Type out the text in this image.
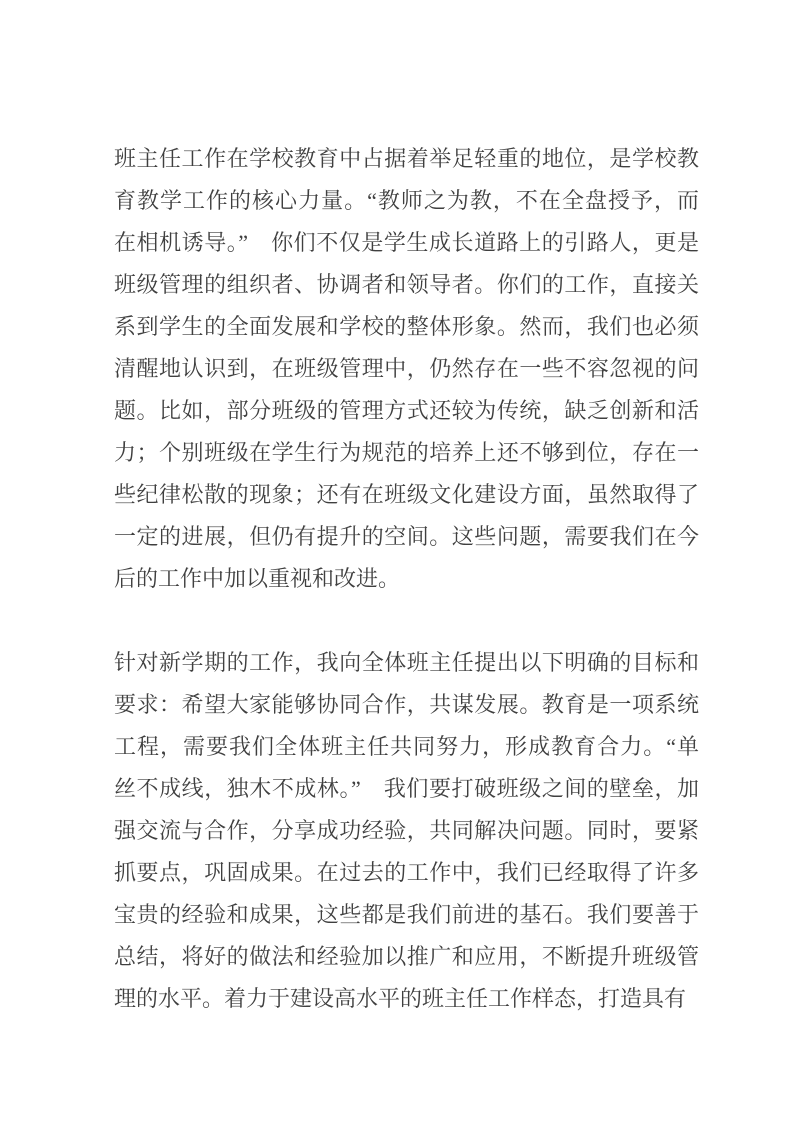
班主任工作在学校教育中占据着举足轻重的地位，是学校教
育教学工作的核心力量。“教师之为教，不在全盘授予，而
在相机诱导。”　你们不仅是学生成长道路上的引路人，更是
班级管理的组织者、协调者和领导者。你们的工作，直接关
系到学生的全面发展和学校的整体形象。然而，我们也必须
清醒地认识到，在班级管理中，仍然存在一些不容忽视的问
题。比如，部分班级的管理方式还较为传统，缺乏创新和活
力；个别班级在学生行为规范的培养上还不够到位，存在一
些纪律松散的现象；还有在班级文化建设方面，虽然取得了
一定的进展，但仍有提升的空间。这些问题，需要我们在今
后的工作中加以重视和改进。
针对新学期的工作，我向全体班主任提出以下明确的目标和
要求：希望大家能够协同合作，共谋发展。教育是一项系统
工程，需要我们全体班主任共同努力，形成教育合力。“单
丝不成线，独木不成林。”　我们要打破班级之间的壁垒，加
强交流与合作，分享成功经验，共同解决问题。同时，要紧
抓要点，巩固成果。在过去的工作中，我们已经取得了许多
宝贵的经验和成果，这些都是我们前进的基石。我们要善于
总结，将好的做法和经验加以推广和应用，不断提升班级管
理的水平。着力于建设高水平的班主任工作样态，打造具有
